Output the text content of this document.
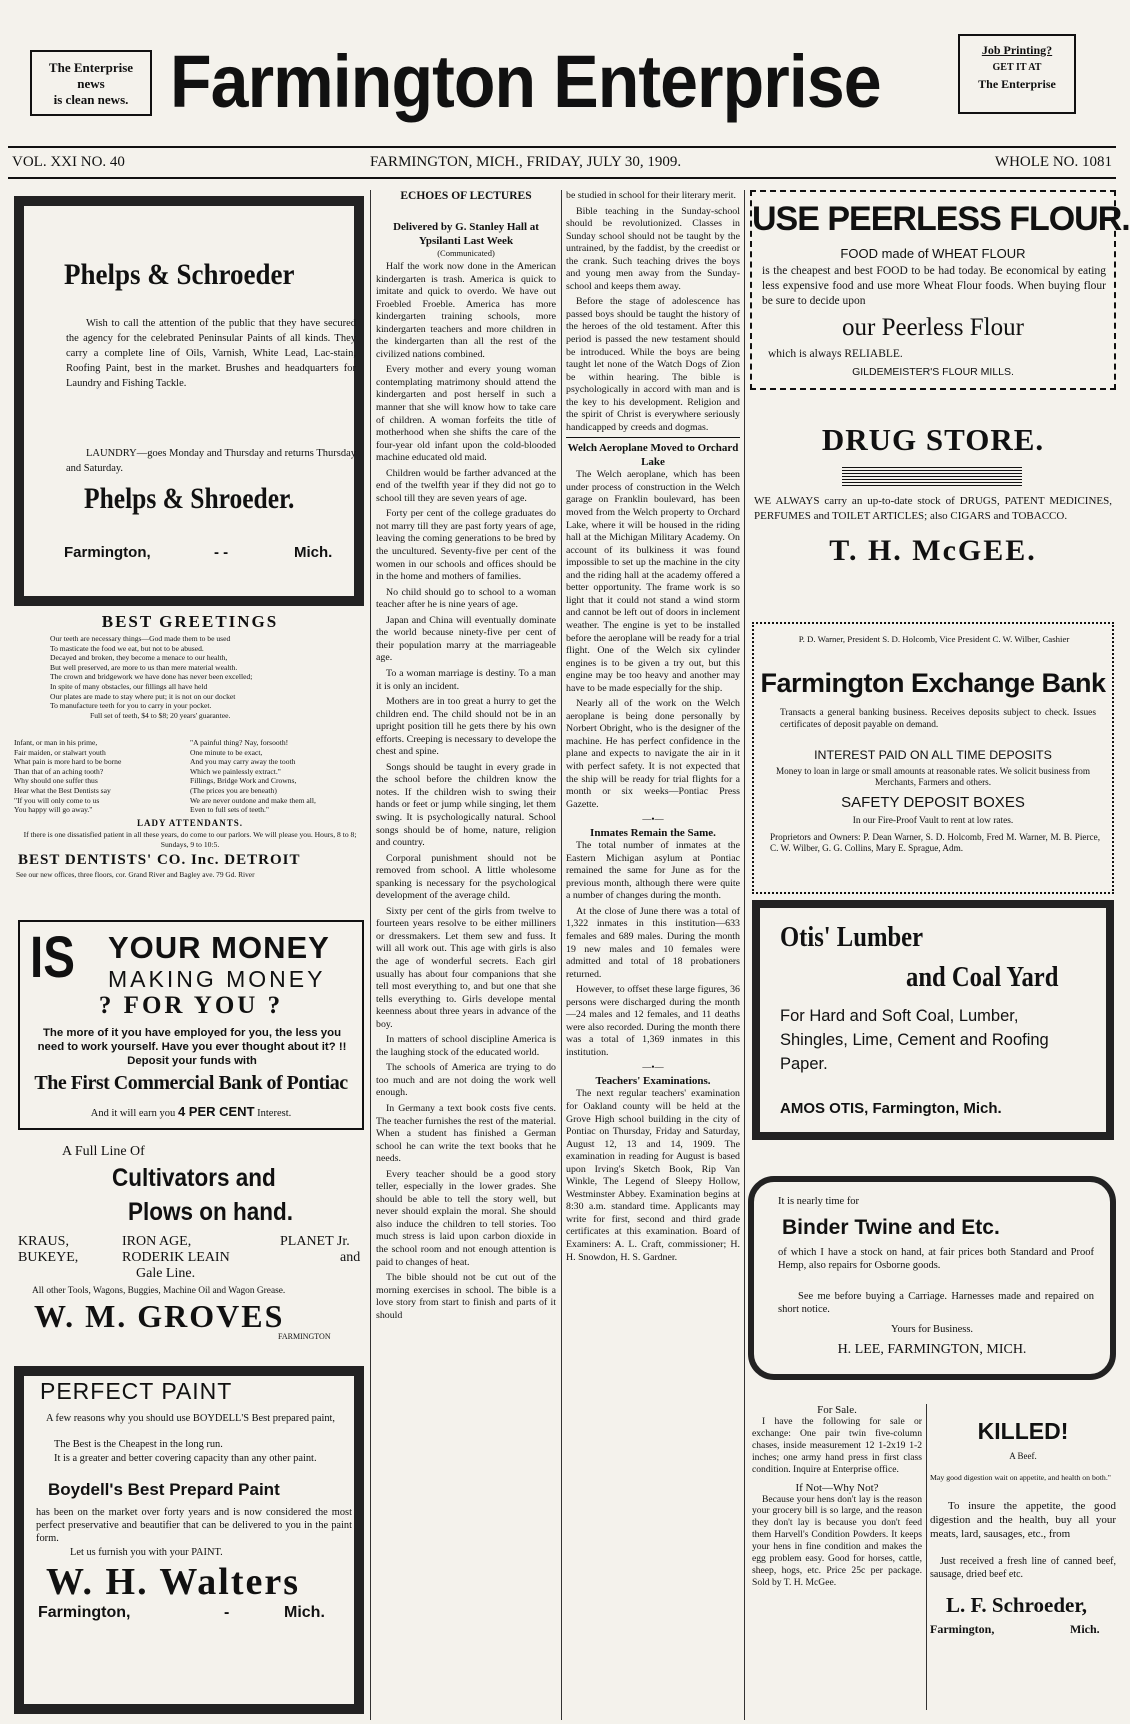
The Enterprise
news
is clean news. Farmington Enterprise	Job Printing?
GET IT AT
The Enterprise
VOL. XXI NO. 40	FARMINGTON, MICH., FRIDAY, JULY 30, 1909.	WHOLE NO. 1081
Phelps & Schroeder
Wish to call the attention of the public that they have secured the agency for the celebrated Peninsular Paints of all kinds. They carry a complete line of Oils, Varnish, White Lead, Lac-stain, Roofing Paint, best in the market. Brushes and headquarters for Laundry and Fishing Tackle.
LAUNDRY—goes Monday and Thursday and returns Thursday and Saturday.
Phelps & Shroeder.
Farmington,	- -	Mich.
BEST GREETINGS
Our teeth are necessary things—God made them to be used
To masticate the food we eat, but not to be abused.
Decayed and broken, they become a menace to our health,
But well preserved, are more to us than mere material wealth.
The crown and bridgework we have done has never been excelled;
In spite of many obstacles, our fillings all have held
Our plates are made to stay where put; it is not on our docket
To manufacture teeth for you to carry in your pocket.
Full set of teeth, $4 to $8; 20 years' guarantee.
Infant, or man in his prime,
Fair maiden, or stalwart youth
What pain is more hard to be borne
Than that of an aching tooth?
Why should one suffer thus
Hear what the Best Dentists say
"If you will only come to us
You happy will go away."
"A painful thing? Nay, forsooth!
One minute to be exact,
And you may carry away the tooth
Which we painlessly extract."
Fillings, Bridge Work and Crowns,
(The prices you are beneath)
We are never outdone and make them all,
Even to full sets of teeth."
LADY ATTENDANTS.
If there is one dissatisfied patient in all these years, do come to our parlors. We will please you. Hours, 8 to 8; Sundays, 9 to 10:5.
BEST DENTISTS' CO. Inc. DETROIT
See our new offices, three floors, cor. Grand River and Bagley ave. 79 Gd. River
IS YOUR MONEY
MAKING MONEY
? FOR YOU ?
The more of it you have employed for you, the less you need to work yourself. Have you ever thought about it? !! Deposit your funds with
The First Commercial Bank of Pontiac
And it will earn you 4 PER CENT Interest.
A Full Line Of
Cultivators and
Plows on hand.
KRAUS,	IRON AGE,	PLANET Jr.
BUKEYE,	RODERIK LEAIN	and
Gale Line.
All other Tools, Wagons, Buggies, Machine Oil and Wagon Grease.
W. M. GROVES
FARMINGTON
PERFECT PAINT
A few reasons why you should use BOYDELL'S Best prepared paint,
The Best is the Cheapest in the long run.
It is a greater and better covering capacity than any other paint.
Boydell's Best Prepard Paint
has been on the market over forty years and is now considered the most perfect preservative and beautifier that can be delivered to you in the paint form.
Let us furnish you with your PAINT.
W. H. Walters
Farmington,	-	Mich.
ECHOES OF LECTURES
Delivered by G. Stanley Hall at Ypsilanti Last Week
(Communicated)

Half the work now done in the American kindergarten is trash. America is quick to imitate and quick to overdo. We have out Froebled Froeble. America has more kindergarten training schools, more kindergarten teachers and more children in the kindergarten than all the rest of the civilized nations combined.

Every mother and every young woman contemplating matrimony should attend the kindergarten and post herself in such a manner that she will know how to take care of children. A woman forfeits the title of motherhood when she shifts the care of the four-year old infant upon the cold-blooded machine educated old maid.

Children would be farther advanced at the end of the twelfth year if they did not go to school till they are seven years of age.

Forty per cent of the college graduates do not marry till they are past forty years of age, leaving the coming generations to be bred by the uncultured. Seventy-five per cent of the women in our schools and offices should be in the home and mothers of families.

No child should go to school to a woman teacher after he is nine years of age.

Japan and China will eventually dominate the world because ninety-five per cent of their population marry at the marriageable age.

To a woman marriage is destiny. To a man it is only an incident.

Mothers are in too great a hurry to get the children end. The child should not be in an upright position till he gets there by his own efforts. Creeping is necessary to develope the chest and spine.

Songs should be taught in every grade in the school before the children know the notes. If the children wish to swing their hands or feet or jump while singing, let them swing. It is psychologically natural. School songs should be of home, nature, religion and country.

Corporal punishment should not be removed from school. A little wholesome spanking is necessary for the psychological development of the average child.

Sixty per cent of the girls from twelve to fourteen years resolve to be either milliners or dressmakers. Let them sew and fuss. It will all work out. This age with girls is also the age of wonderful secrets. Each girl usually has about four companions that she tell most everything to, and but one that she tells everything to. Girls develope mental keenness about three years in advance of the boy.

In matters of school discipline America is the laughing stock of the educated world.

The schools of America are trying to do too much and are not doing the work well enough.

In Germany a text book costs five cents. The teacher furnishes the rest of the material. When a student has finished a German school he can write the text books that he needs.

Every teacher should be a good story teller, especially in the lower grades. She should be able to tell the story well, but never should explain the moral. She should also induce the children to tell stories. Too much stress is laid upon carbon dioxide in the school room and not enough attention is paid to changes of heat.

The bible should not be cut out of the morning exercises in school. The bible is a love story from start to finish and parts of it should

be studied in school for their literary merit.

Bible teaching in the Sunday-school should be revolutionized. Classes in Sunday school should not be taught by the untrained, by the faddist, by the creedist or the crank. Such teaching drives the boys and young men away from the Sunday-school and keeps them away.

Before the stage of adolescence has passed boys should be taught the history of the heroes of the old testament. After this period is passed the new testament should be introduced. While the boys are being taught let none of the Watch Dogs of Zion be within hearing. The bible is psychologically in accord with man and is the key to his development. Religion and the spirit of Christ is everywhere seriously handicapped by creeds and dogmas.

Welch Aeroplane Moved to Orchard Lake

The Welch aeroplane, which has been under process of construction in the Welch garage on Franklin boulevard, has been moved from the Welch property to Orchard Lake, where it will be housed in the riding hall at the Michigan Military Academy. On account of its bulkiness it was found impossible to set up the machine in the city and the riding hall at the academy offered a better opportunity. The frame work is so light that it could not stand a wind storm and cannot be left out of doors in inclement weather. The engine is yet to be installed before the aeroplane will be ready for a trial flight. One of the Welch six cylinder engines is to be given a try out, but this engine may be too heavy and another may have to be made especially for the ship.

Nearly all of the work on the Welch aeroplane is being done personally by Norbert Obright, who is the designer of the machine. He has perfect confidence in the plane and expects to navigate the air in it with perfect safety. It is not expected that the ship will be ready for trial flights for a month or six weeks—Pontiac Press Gazette.

—•—
Inmates Remain the Same.

The total number of inmates at the Eastern Michigan asylum at Pontiac remained the same for June as for the previous month, although there were quite a number of changes during the month.

At the close of June there was a total of 1,322 inmates in this institution—633 females and 689 males. During the month 19 new males and 10 females were admitted and total of 18 probationers returned.

However, to offset these large figures, 36 persons were discharged during the month—24 males and 12 females, and 11 deaths were also recorded. During the month there was a total of 1,369 inmates in this institution.

—•—
Teachers' Examinations.

The next regular teachers' examination for Oakland county will be held at the Grove High school building in the city of Pontiac on Thursday, Friday and Saturday, August 12, 13 and 14, 1909. The examination in reading for August is based upon Irving's Sketch Book, Rip Van Winkle, The Legend of Sleepy Hollow, Westminster Abbey. Examination begins at 8:30 a.m. standard time. Applicants may write for first, second and third grade certificates at this examination. Board of Examiners: A. L. Craft, commissioner; H. H. Snowdon, H. S. Gardner.

USE PEERLESS FLOUR.
FOOD made of WHEAT FLOUR
is the cheapest and best FOOD to be had today. Be economical by eating less expensive food and use more Wheat Flour foods. When buying flour be sure to decide upon
our Peerless Flour
which is always RELIABLE.
GILDEMEISTER'S FLOUR MILLS.
DRUG STORE.
WE ALWAYS carry an up-to-date stock of DRUGS, PATENT MEDICINES, PERFUMES and TOILET ARTICLES; also CIGARS and TOBACCO.
T. H. McGEE.
P. D. Warner, President S. D. Holcomb, Vice President C. W. Wilber, Cashier
Farmington Exchange Bank
Transacts a general banking business. Receives deposits subject to check. Issues certificates of deposit payable on demand.
INTEREST PAID ON ALL TIME DEPOSITS
Money to loan in large or small amounts at reasonable rates. We solicit business from Merchants, Farmers and others.
SAFETY DEPOSIT BOXES
In our Fire-Proof Vault to rent at low rates.
Proprietors and Owners: P. Dean Warner, S. D. Holcomb, Fred M. Warner, M. B. Pierce, C. W. Wilber, G. G. Collins, Mary E. Sprague, Adm.
Otis' Lumber
and Coal Yard
For Hard and Soft Coal, Lumber, Shingles, Lime, Cement and Roofing Paper.
AMOS OTIS, Farmington, Mich.
It is nearly time for
Binder Twine and Etc.
of which I have a stock on hand, at fair prices both Standard and Proof Hemp, also repairs for Osborne goods.
See me before buying a Carriage. Harnesses made and repaired on short notice.
Yours for Business.
H. LEE, FARMINGTON, MICH.
For Sale.
I have the following for sale or exchange: One pair twin five-column chases, inside measurement 12 1-2x19 1-2 inches; one army hand press in first class condition. Inquire at Enterprise office.
If Not—Why Not?
Because your hens don't lay is the reason your grocery bill is so large, and the reason they don't lay is because you don't feed them Harvell's Condition Powders. It keeps your hens in fine condition and makes the egg problem easy. Good for horses, cattle, sheep, hogs, etc. Price 25c per package. Sold by T. H. McGee.
KILLED!
A Beef.
May good digestion wait on appetite, and health on both."
To insure the appetite, the good digestion and the health, buy all your meats, lard, sausages, etc., from
Just received a fresh line of canned beef, sausage, dried beef etc.
L. F. Schroeder,
Farmington,	Mich.
